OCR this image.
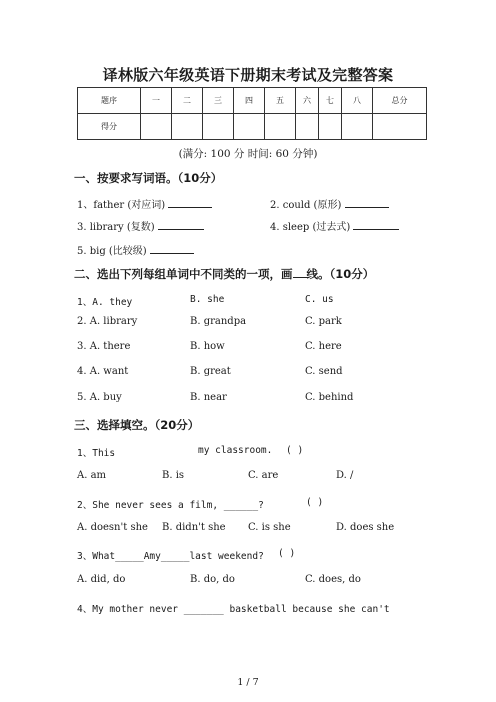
译林版六年级英语下册期末考试及完整答案
题序	一	二	三	四	五	六	七	八	总分
得分									
(满分: 100 分 时间: 60 分钟)
一、按要求写词语。（10分）
1、father (对应词)	2. could (原形)
3. library (复数)	4. sleep (过去式)
5. big (比较级)
二、选出下列每组单词中不同类的一项，画 线。（10分）
1、A. they	B. she	C. us
2. A. library	B. grandpa	C. park
3. A. there	B. how	C. here
4. A. want	B. great	C. send
5. A. buy	B. near	C. behind
三、选择填空。（20分）
1、This	my classroom. ( )
A. am	B. is	C. are	D. /
2、She never sees a film, ______?	( )
A. doesn't she B. didn't she C. is she	D. does she
3、What_____Amy_____last weekend? ( )
A. did, do	B. do, do	C. does, do
4、My mother never _______ basketball because she can't
1 / 7
